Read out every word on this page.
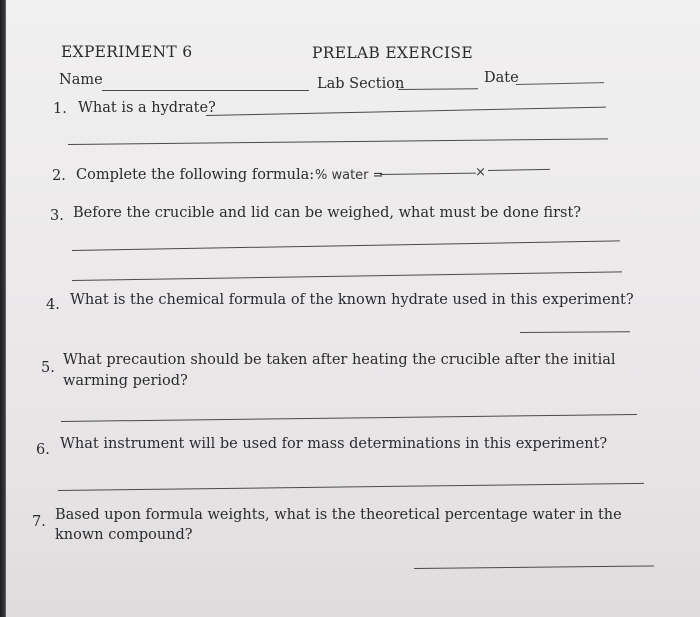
EXPERIMENT 6	PRELAB EXERCISE
Name	Lab Section	Date
1. What is a hydrate?
2. Complete the following formula: % water =	×
3. Before the crucible and lid can be weighed, what must be done first?
4. What is the chemical formula of the known hydrate used in this experiment?
5. What precaution should be taken after heating the crucible after the initial
warming period?
6. What instrument will be used for mass determinations in this experiment?
7. Based upon formula weights, what is the theoretical percentage water in the
known compound?
